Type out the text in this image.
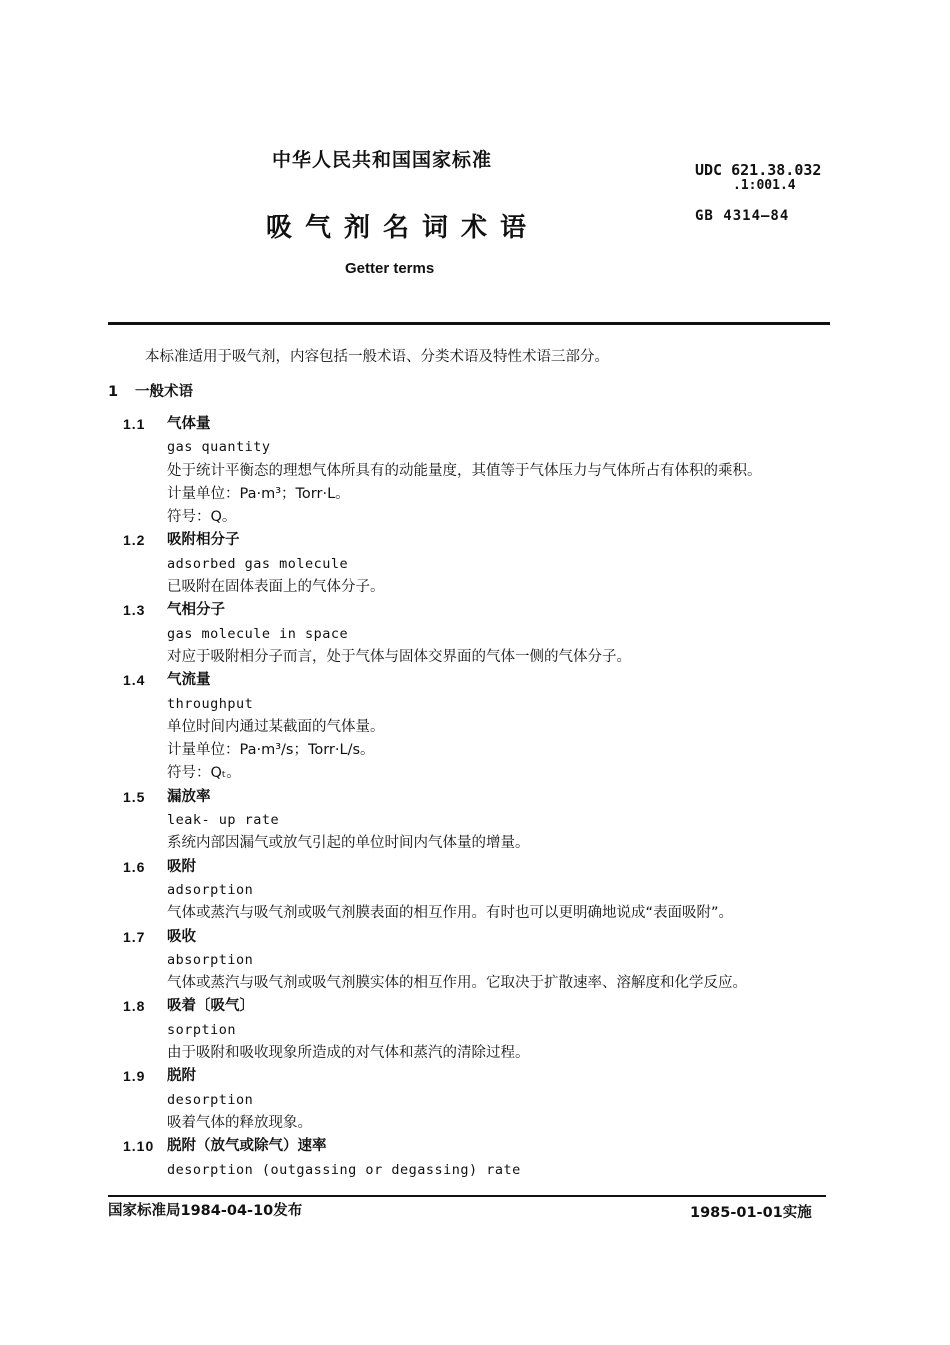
中华人民共和国国家标准	UDC 621.38.032
.1:001.4
GB 4314—84
吸气剂名词术语
Getter terms
本标准适用于吸气剂，内容包括一般术语、分类术语及特性术语三部分。
1 一般术语
1.1 气体量
gas quantity
处于统计平衡态的理想气体所具有的动能量度，其值等于气体压力与气体所占有体积的乘积。
计量单位：Pa·m³；Torr·L。
符号：Q。
1.2 吸附相分子
adsorbed gas molecule
已吸附在固体表面上的气体分子。
1.3 气相分子
gas molecule in space
对应于吸附相分子而言，处于气体与固体交界面的气体一侧的气体分子。
1.4 气流量
throughput
单位时间内通过某截面的气体量。
计量单位：Pa·m³/s；Torr·L/s。
符号：Qₜ。
1.5 漏放率
leak- up rate
系统内部因漏气或放气引起的单位时间内气体量的增量。
1.6 吸附
adsorption
气体或蒸汽与吸气剂或吸气剂膜表面的相互作用。有时也可以更明确地说成“表面吸附”。
1.7 吸收
absorption
气体或蒸汽与吸气剂或吸气剂膜实体的相互作用。它取决于扩散速率、溶解度和化学反应。
1.8 吸着〔吸气〕
sorption
由于吸附和吸收现象所造成的对气体和蒸汽的清除过程。
1.9 脱附
desorption
吸着气体的释放现象。
1.10 脱附（放气或除气）速率
desorption (outgassing or degassing) rate
国家标准局1984-04-10发布	1985-01-01实施
